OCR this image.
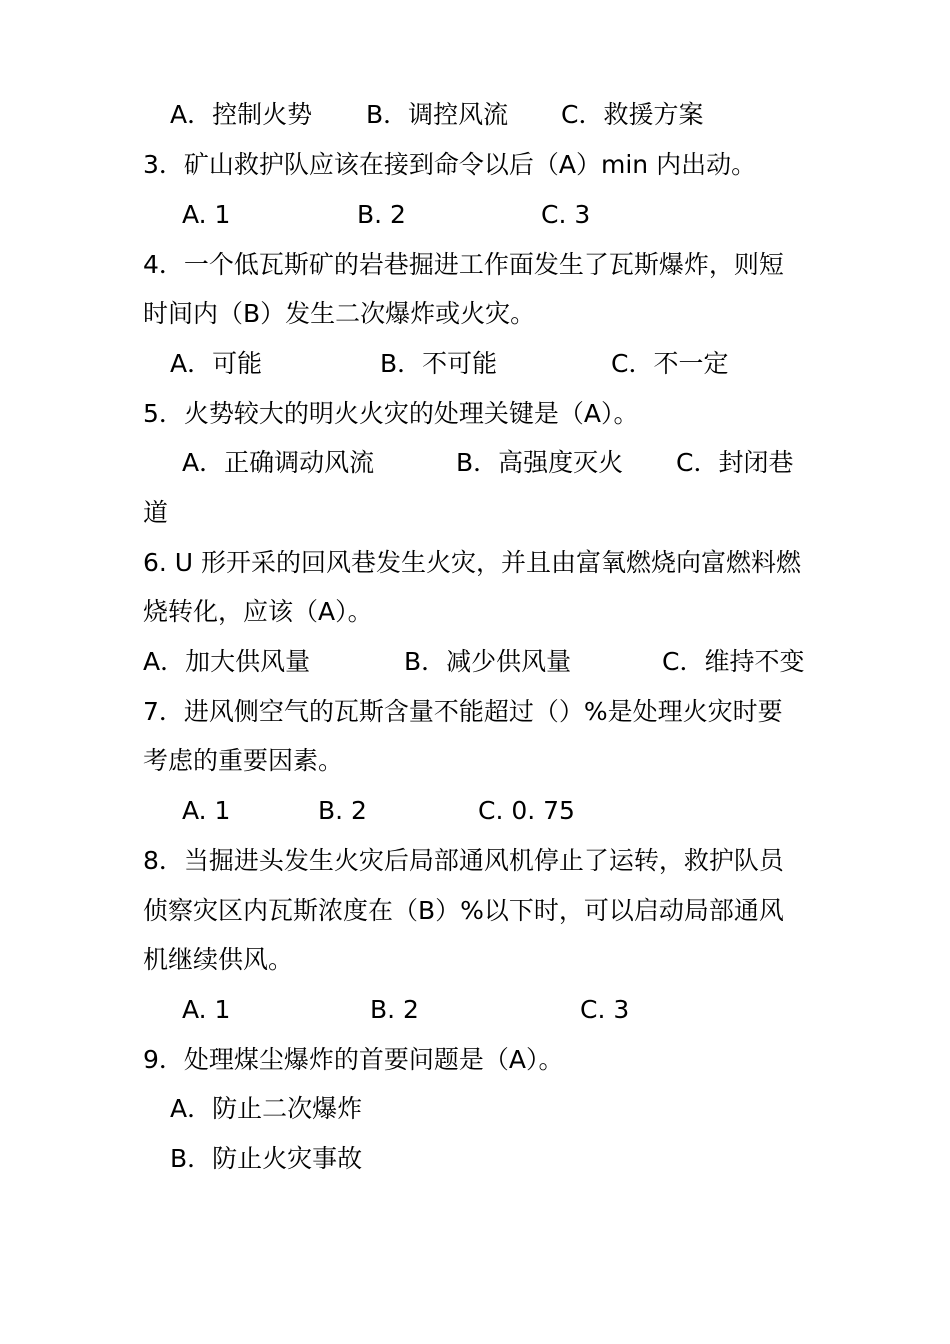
A．控制火势 B．调控风流 C．救援方案
3．矿山救护队应该在接到命令以后（A）min 内出动。
A. 1	B. 2	C. 3
4．一个低瓦斯矿的岩巷掘进工作面发生了瓦斯爆炸，则短
时间内（B）发生二次爆炸或火灾。
A．可能	B．不可能	C．不一定
5．火势较大的明火火灾的处理关键是（A）。
A．正确调动风流	B．高强度灭火 C．封闭巷
道
6. U 形开采的回风巷发生火灾，并且由富氧燃烧向富燃料燃
烧转化，应该（A）。
A．加大供风量	B．减少供风量	C．维持不变
7．进风侧空气的瓦斯含量不能超过（）%是处理火灾时要
考虑的重要因素。
A. 1	B. 2	C. 0. 75
8．当掘进头发生火灾后局部通风机停止了运转，救护队员
侦察灾区内瓦斯浓度在（B）%以下时，可以启动局部通风
机继续供风。
A. 1	B. 2	C. 3
9．处理煤尘爆炸的首要问题是（A）。
A．防止二次爆炸
B．防止火灾事故
